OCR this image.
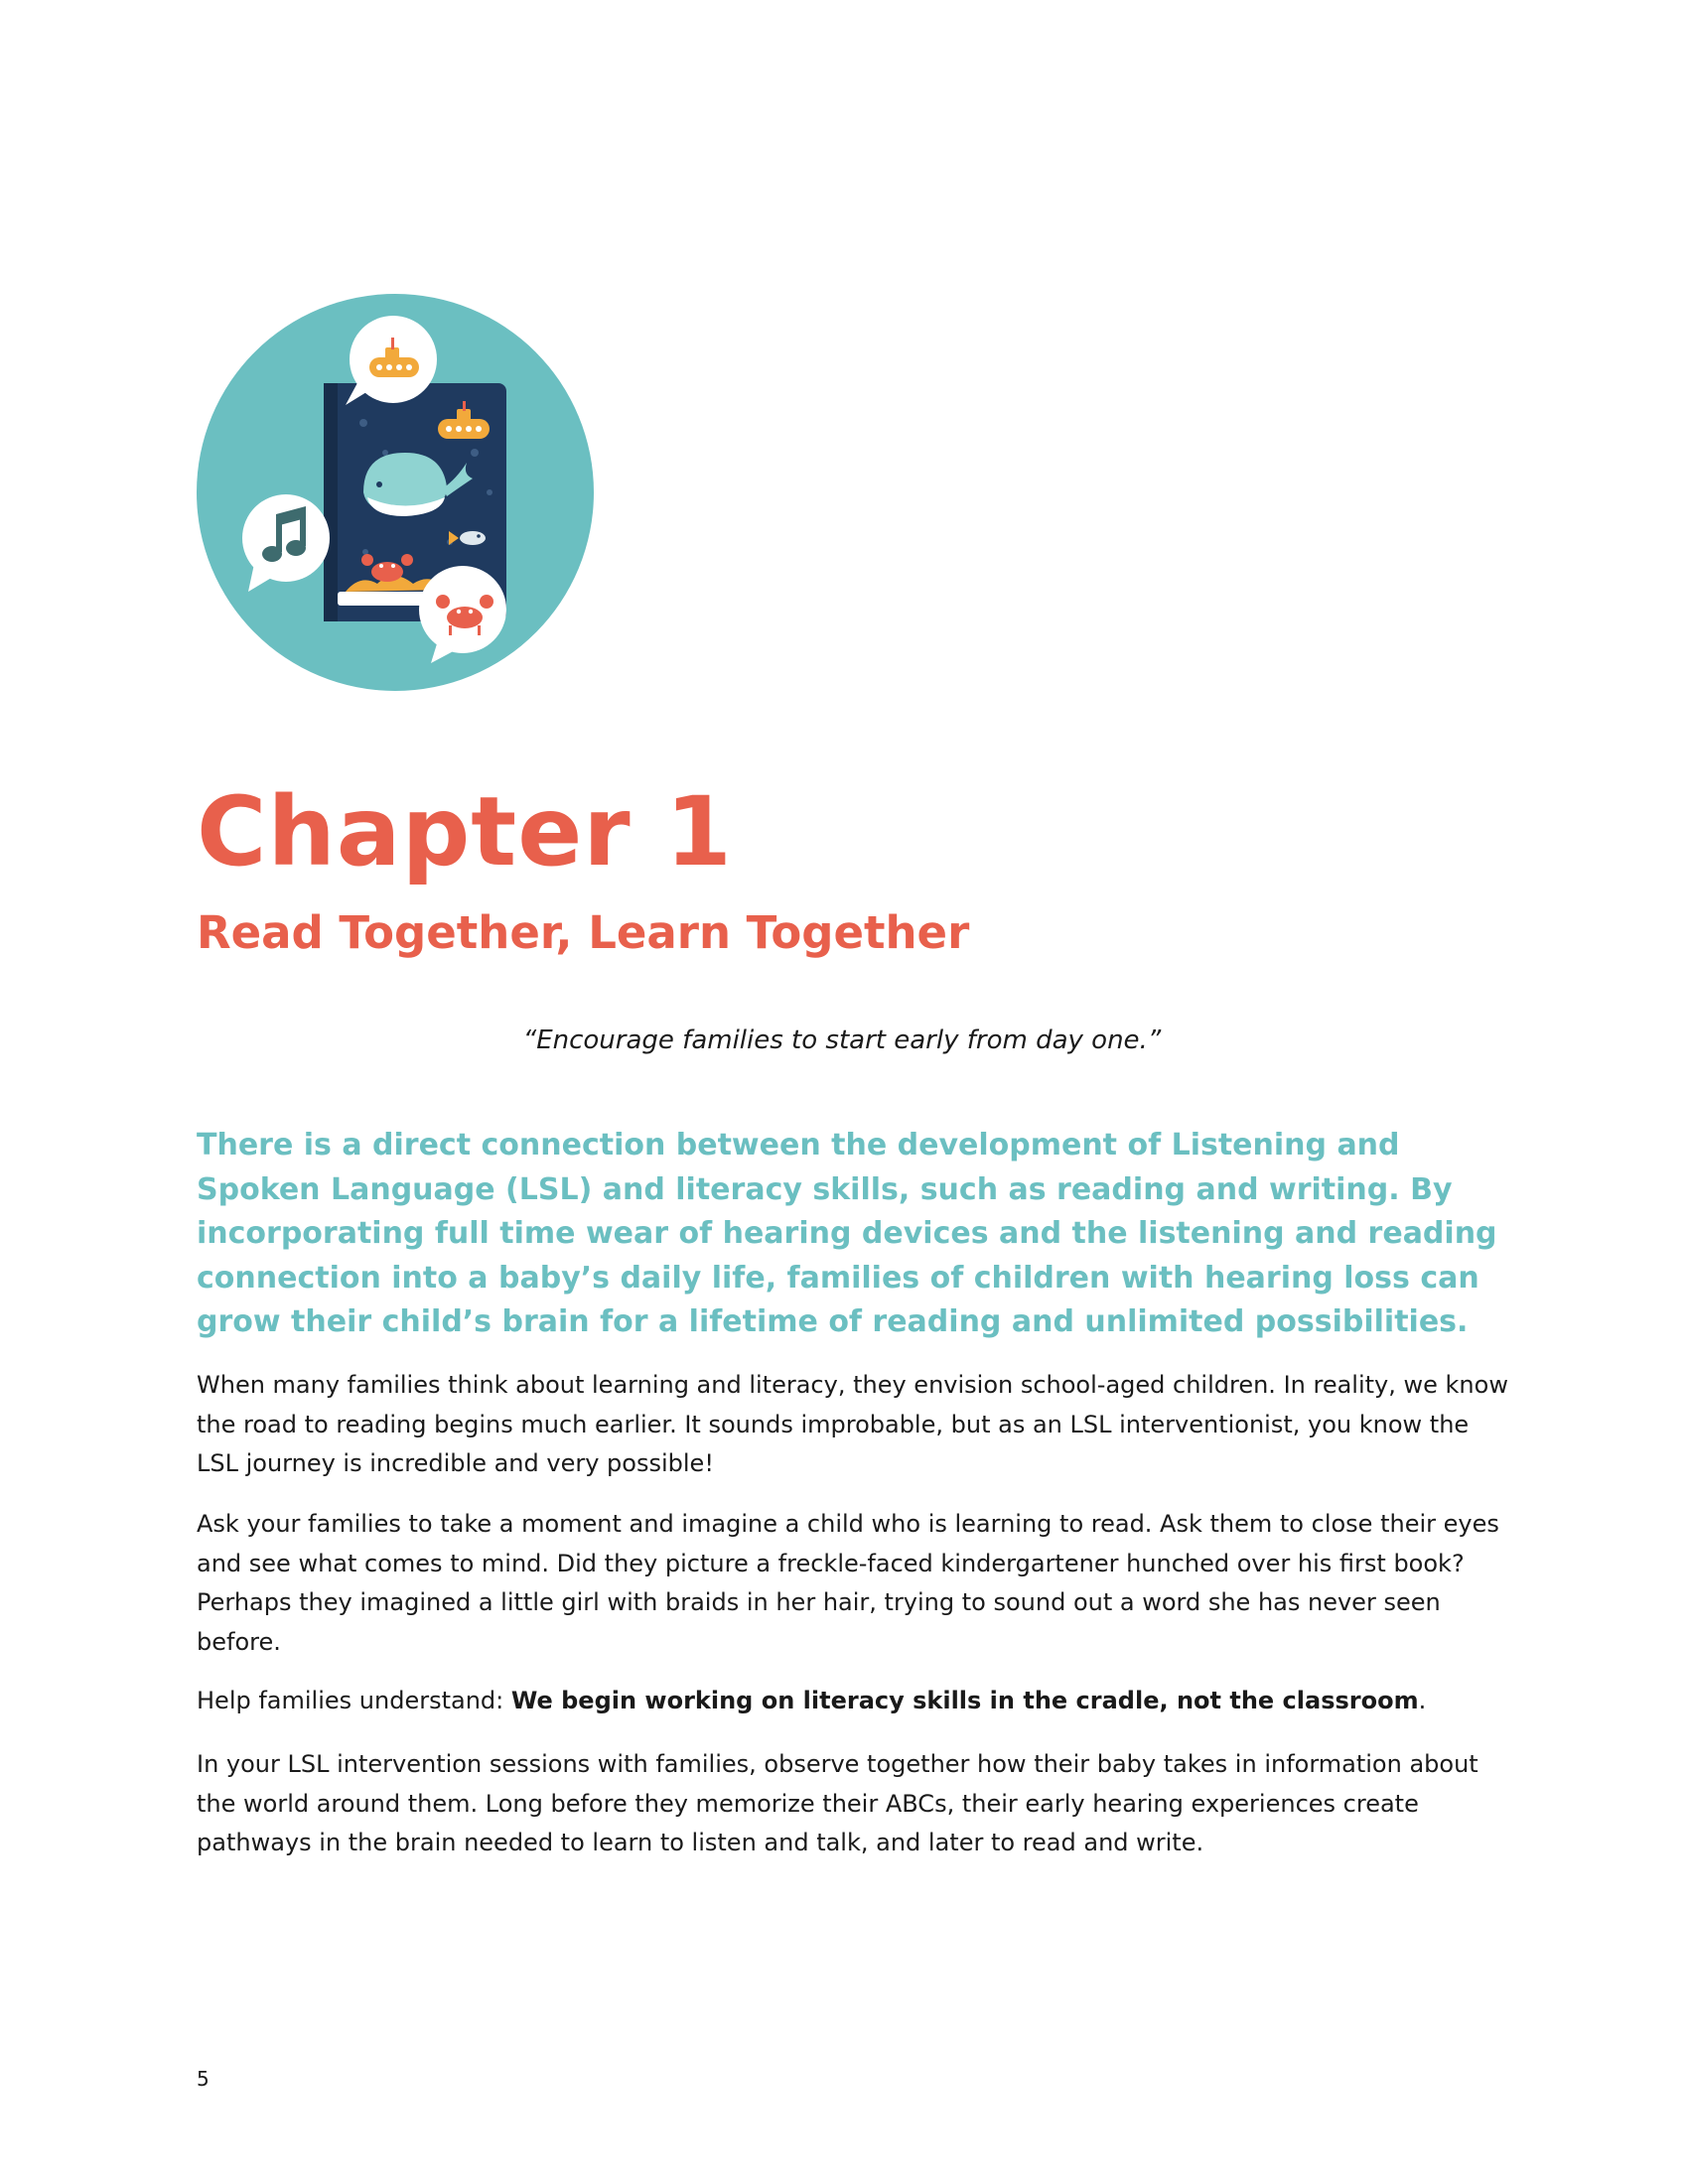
Chapter 1
Read Together, Learn Together

“Encourage families to start early from day one.”

There is a direct connection between the development of Listening and Spoken Language (LSL) and literacy skills, such as reading and writing. By incorporating full time wear of hearing devices and the listening and reading connection into a baby’s daily life, families of children with hearing loss can grow their child’s brain for a lifetime of reading and unlimited possibilities.

When many families think about learning and literacy, they envision school-aged children. In reality, we know the road to reading begins much earlier. It sounds improbable, but as an LSL interventionist, you know the LSL journey is incredible and very possible!

Ask your families to take a moment and imagine a child who is learning to read. Ask them to close their eyes and see what comes to mind. Did they picture a freckle-faced kindergartener hunched over his first book? Perhaps they imagined a little girl with braids in her hair, trying to sound out a word she has never seen before.

Help families understand: We begin working on literacy skills in the cradle, not the classroom.

In your LSL intervention sessions with families, observe together how their baby takes in information about the world around them. Long before they memorize their ABCs, their early hearing experiences create pathways in the brain needed to learn to listen and talk, and later to read and write.

5
